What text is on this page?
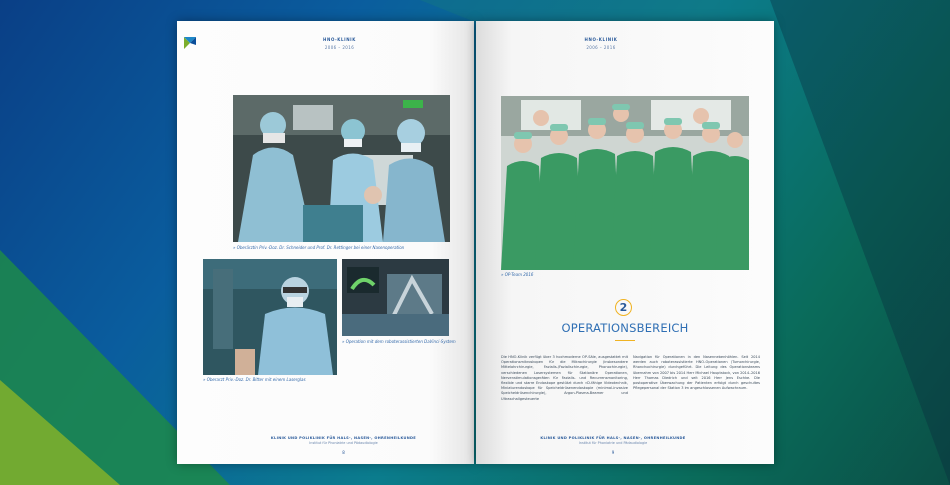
HNO-KLINIK
2006 – 2016
» Oberärztin Priv.-Doz. Dr. Schneider und Prof. Dr. Rettinger bei einer Nasenoperation
» Oberarzt Priv.-Doz. Dr. Bitter mit einem Laserglas
» Operation mit dem roboterassistierten DaVinci-System
KLINIK UND POLIKLINIK FÜR HALS-, NASEN-, OHRENHEILKUNDE
Institut für Phoniatrie und Pädaudiologie
8
HNO-KLINIK
2006 – 2016
» OP-Team 2016
2
OPERATIONSBEREICH
Die HNO-Klinik verfügt über 3 hochmoderne OP-Säle, ausgestattet mit Operationsmikroskopen für die Mikrochirurgie (insbesondere Mittelohrchirurgie, Fazialis-/Fazialischirurgie, Phonochirurgie), verschiedenen Lasersystemen für Stationäre Operationen, Nervenstimulationsgeräten für Fazialis- und Recurrensmonitoring, flexible und starre Endoskope gestützt durch »D-fähige Videotechnik, Miniaturendoskope für Speicheldrüsenendoskopie (minimal-invasive Speicheldrüsenchirurgie), Argon-Plasma-Beamer und Ultraschallgesteuerte
Navigation für Operationen in den Nasennebenhöhlen. Seit 2014 werden auch roboterassistierte HNO-Operationen (Tumorchirurgie, Rhonchochirurgie) durchgeführt. Die Leitung des Operationsteams übernahm von 2007 bis 2014 Herr Michael Hauptstock, von 2014–2016 Herr Thomas Diedrich und seit 2016 Herr Jens Eschke. Die postoperative Überwachung der Patienten erfolgt durch geschultes Pflegepersonal der Station 3 im angeschlossenen Aufwachraum.
KLINIK UND POLIKLINIK FÜR HALS-, NASEN-, OHRENHEILKUNDE
Institut für Phoniatrie und Pädaudiologie
9
